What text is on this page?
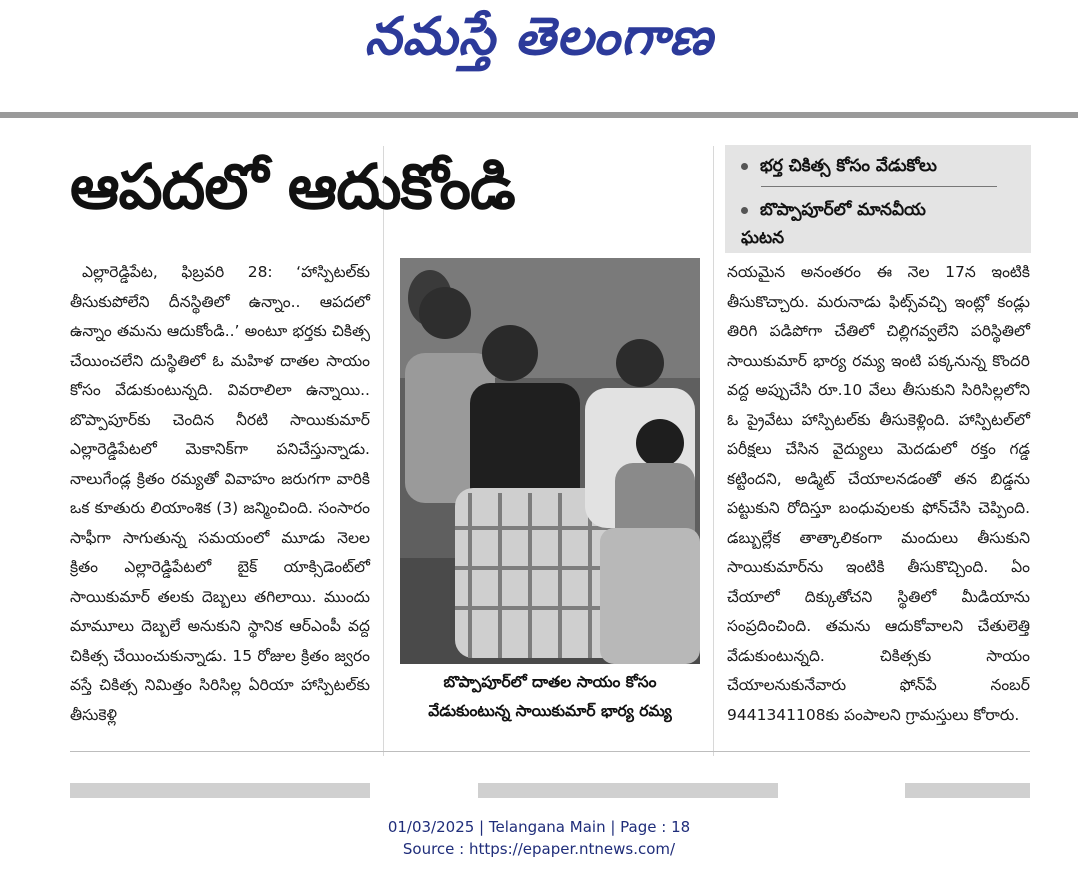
నమస్తే తెలంగాణ
ఆపదలో ఆదుకోండి	భర్త చికిత్స కోసం వేడుకోలు
బొప్పాపూర్‌లో మానవీయ ఘటన

ఎల్లారెడ్డిపేట, ఫిబ్రవరి 28: ‘హాస్పిటల్‌కు తీసుకుపోలేని దీనస్థితిలో ఉన్నాం.. ఆపదలో ఉన్నాం తమను ఆదుకోండి..’ అంటూ భర్తకు చికిత్స చేయించలేని దుస్థితిలో ఓ మహిళ దాతల సాయం కోసం వేడుకుంటున్నది. వివరాలిలా ఉన్నాయి.. బొప్పాపూర్‌కు చెందిన నీరటి సాయికుమార్ ఎల్లారెడ్డిపేటలో మెకానిక్‌గా పనిచేస్తున్నాడు. నాలుగేండ్ల క్రితం రమ్యతో వివాహం జరుగగా వారికి ఒక కూతురు లియాంశిక (3) జన్మించింది. సంసారం సాఫీగా సాగుతున్న సమయంలో మూడు నెలల క్రితం ఎల్లారెడ్డిపేటలో బైక్ యాక్సిడెంట్‌లో సాయికుమార్ తలకు దెబ్బలు తగిలాయి. ముందు మామూలు దెబ్బలే అనుకుని స్థానిక ఆర్‌ఎంపీ వద్ద చికిత్స చేయించుకున్నాడు. 15 రోజుల క్రితం జ్వరం వస్తే చికిత్స నిమిత్తం సిరిసిల్ల ఏరియా హాస్పిటల్‌కు తీసుకెళ్లి

బొప్పాపూర్‌లో దాతల సాయం కోసం వేడుకుంటున్న సాయికుమార్ భార్య రమ్య

నయమైన అనంతరం ఈ నెల 17న ఇంటికి తీసుకొచ్చారు. మరునాడు ఫిట్స్‌వచ్చి ఇంట్లో కండ్లు తిరిగి పడిపోగా చేతిలో చిల్లిగవ్వలేని పరిస్థితిలో సాయికుమార్ భార్య రమ్య ఇంటి పక్కనున్న కొందరి వద్ద అప్పుచేసి రూ.10 వేలు తీసుకుని సిరిసిల్లలోని ఓ ప్రైవేటు హాస్పిటల్‌కు తీసుకెళ్లింది. హాస్పిటల్‌లో పరీక్షలు చేసిన వైద్యులు మెదడులో రక్తం గడ్డ కట్టిందని, అడ్మిట్ చేయాలనడంతో తన బిడ్డను పట్టుకుని రోదిస్తూ బంధువులకు ఫోన్‌చేసి చెప్పింది. డబ్బుల్లేక తాత్కాలికంగా మందులు తీసుకుని సాయికుమార్‌ను ఇంటికి తీసుకొచ్చింది. ఏం చేయాలో దిక్కుతోచని స్థితిలో మీడియాను సంప్రదించింది. తమను ఆదుకోవాలని చేతులెత్తి వేడుకుంటున్నది. చికిత్సకు సాయం చేయాలనుకునేవారు ఫోన్‌పే నంబర్ 9441341108కు పంపాలని గ్రామస్తులు కోరారు.

01/03/2025 | Telangana Main | Page : 18
Source : https://epaper.ntnews.com/
